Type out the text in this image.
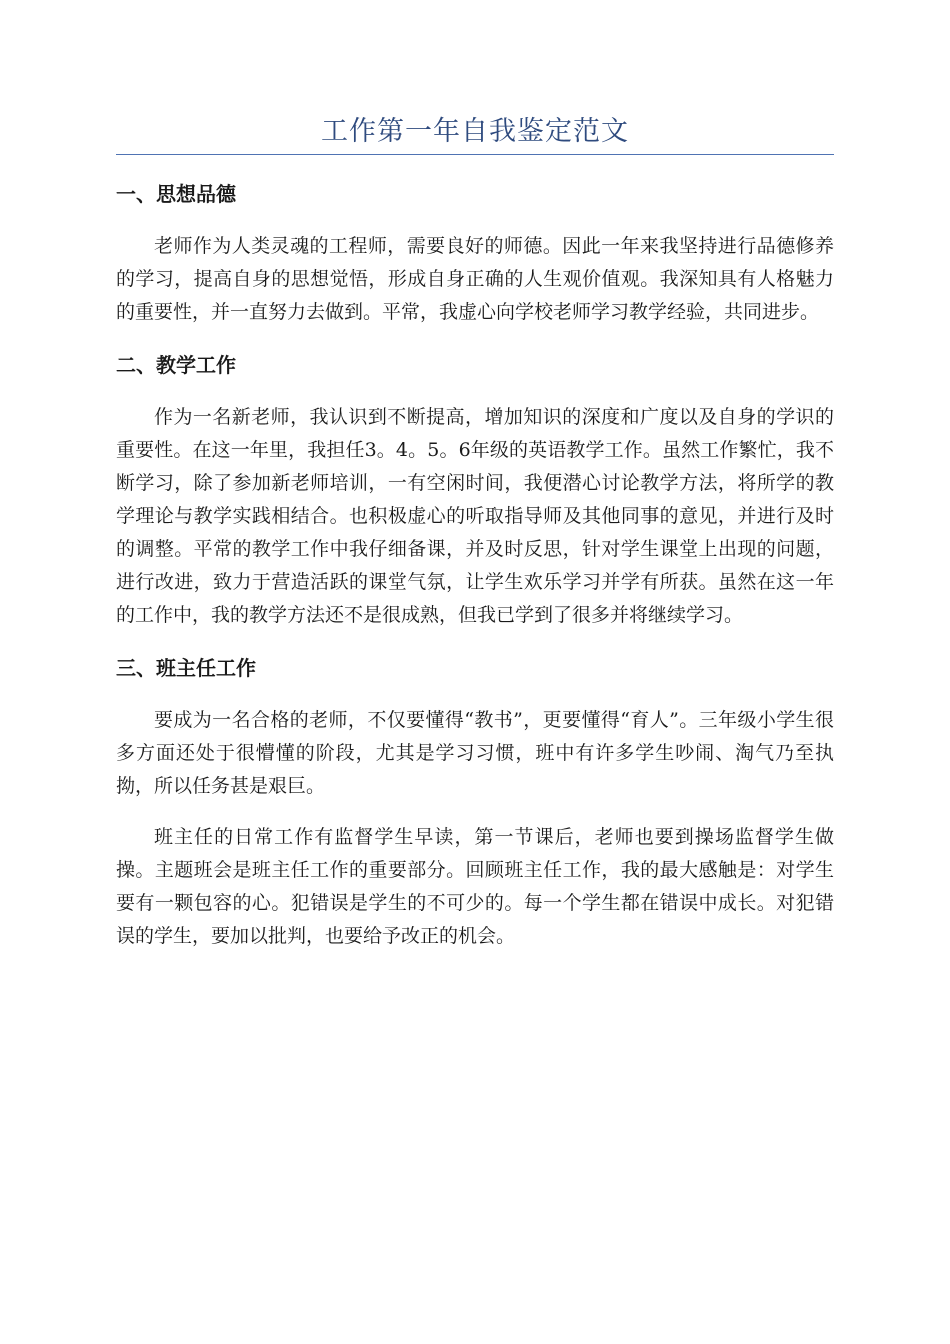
工作第一年自我鉴定范文
一、思想品德

老师作为人类灵魂的工程师，需要良好的师德。因此一年来我坚持进行品德修养的学习，提高自身的思想觉悟，形成自身正确的人生观价值观。我深知具有人格魅力的重要性，并一直努力去做到。平常，我虚心向学校老师学习教学经验，共同进步。

二、教学工作

作为一名新老师，我认识到不断提高，增加知识的深度和广度以及自身的学识的重要性。在这一年里，我担任3。4。5。6年级的英语教学工作。虽然工作繁忙，我不断学习，除了参加新老师培训，一有空闲时间，我便潜心讨论教学方法，将所学的教学理论与教学实践相结合。也积极虚心的听取指导师及其他同事的意见，并进行及时的调整。平常的教学工作中我仔细备课，并及时反思，针对学生课堂上出现的问题，进行改进，致力于营造活跃的课堂气氛，让学生欢乐学习并学有所获。虽然在这一年的工作中，我的教学方法还不是很成熟，但我已学到了很多并将继续学习。

三、班主任工作

要成为一名合格的老师，不仅要懂得“教书”，更要懂得“育人”。三年级小学生很多方面还处于很懵懂的阶段，尤其是学习习惯，班中有许多学生吵闹、淘气乃至执拗，所以任务甚是艰巨。

班主任的日常工作有监督学生早读，第一节课后，老师也要到操场监督学生做操。主题班会是班主任工作的重要部分。回顾班主任工作，我的最大感触是：对学生要有一颗包容的心。犯错误是学生的不可少的。每一个学生都在错误中成长。对犯错误的学生，要加以批判，也要给予改正的机会。
